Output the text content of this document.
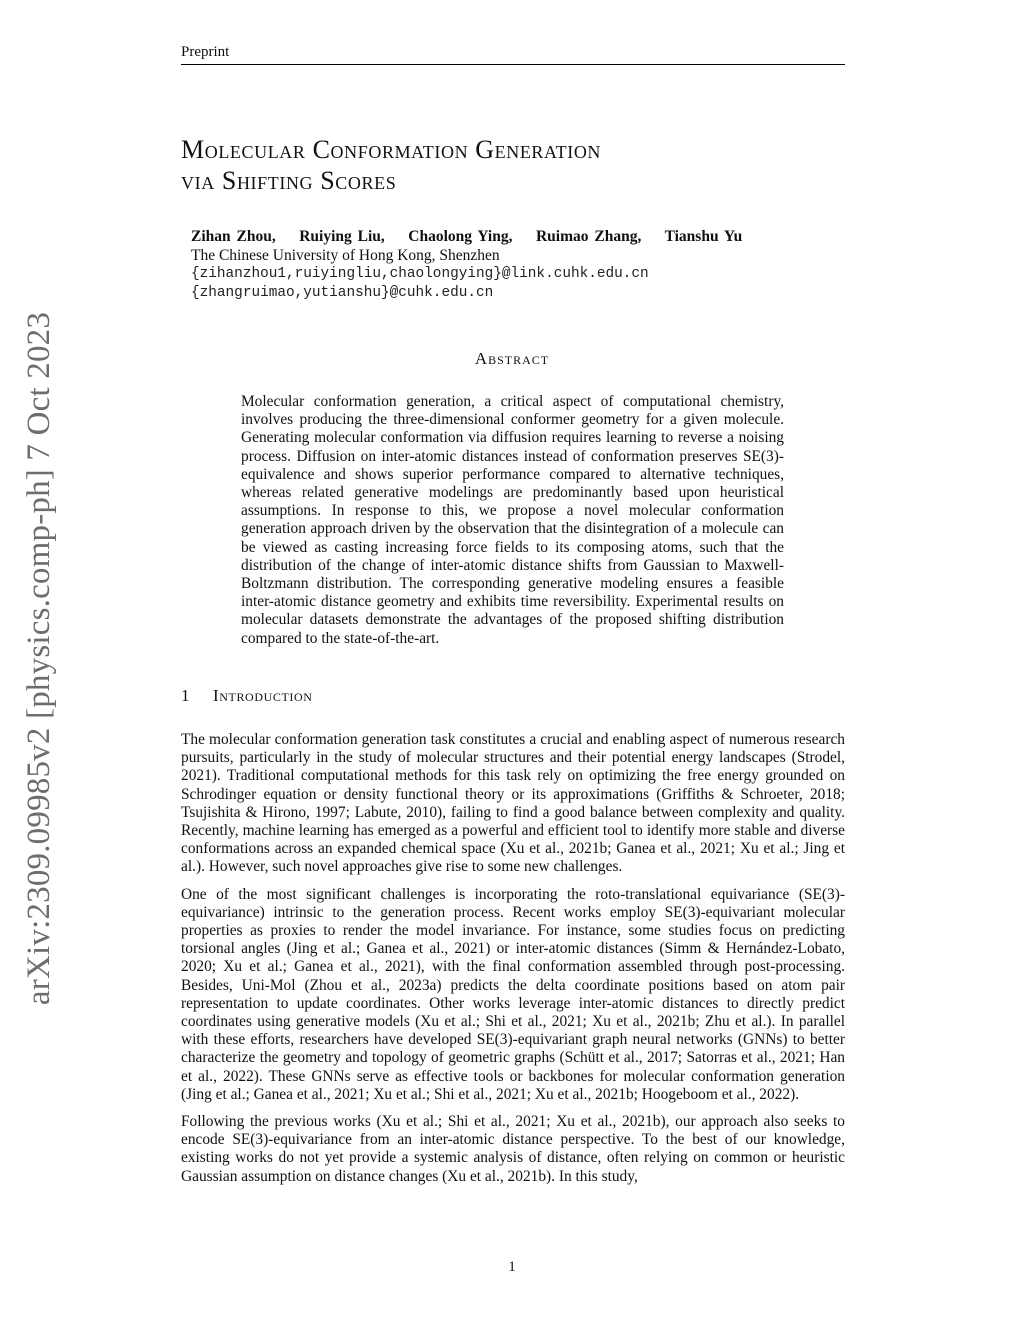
Preprint
arXiv:2309.09985v2 [physics.comp-ph] 7 Oct 2023
Molecular Conformation Generation
via Shifting Scores
Zihan Zhou,    Ruiying Liu,    Chaolong Ying,    Ruimao Zhang,    Tianshu Yu
The Chinese University of Hong Kong, Shenzhen
{zihanzhou1,ruiyingliu,chaolongying}@link.cuhk.edu.cn
{zhangruimao,yutianshu}@cuhk.edu.cn
Abstract

Molecular conformation generation, a critical aspect of computational chemistry, involves producing the three-dimensional conformer geometry for a given molecule. Generating molecular conformation via diffusion requires learning to reverse a noising process. Diffusion on inter-atomic distances instead of conformation preserves SE(3)-equivalence and shows superior performance compared to alternative techniques, whereas related generative modelings are predominantly based upon heuristical assumptions. In response to this, we propose a novel molecular conformation generation approach driven by the observation that the disintegration of a molecule can be viewed as casting increasing force fields to its composing atoms, such that the distribution of the change of inter-atomic distance shifts from Gaussian to Maxwell-Boltzmann distribution. The corresponding generative modeling ensures a feasible inter-atomic distance geometry and exhibits time reversibility. Experimental results on molecular datasets demonstrate the advantages of the proposed shifting distribution compared to the state-of-the-art.

1 Introduction

The molecular conformation generation task constitutes a crucial and enabling aspect of numerous research pursuits, particularly in the study of molecular structures and their potential energy landscapes (Strodel, 2021). Traditional computational methods for this task rely on optimizing the free energy grounded on Schrodinger equation or density functional theory or its approximations (Griffiths & Schroeter, 2018; Tsujishita & Hirono, 1997; Labute, 2010), failing to find a good balance between complexity and quality. Recently, machine learning has emerged as a powerful and efficient tool to identify more stable and diverse conformations across an expanded chemical space (Xu et al., 2021b; Ganea et al., 2021; Xu et al.; Jing et al.). However, such novel approaches give rise to some new challenges.

One of the most significant challenges is incorporating the roto-translational equivariance (SE(3)-equivariance) intrinsic to the generation process. Recent works employ SE(3)-equivariant molecular properties as proxies to render the model invariance. For instance, some studies focus on predicting torsional angles (Jing et al.; Ganea et al., 2021) or inter-atomic distances (Simm & Hernández-Lobato, 2020; Xu et al.; Ganea et al., 2021), with the final conformation assembled through post-processing. Besides, Uni-Mol (Zhou et al., 2023a) predicts the delta coordinate positions based on atom pair representation to update coordinates. Other works leverage inter-atomic distances to directly predict coordinates using generative models (Xu et al.; Shi et al., 2021; Xu et al., 2021b; Zhu et al.). In parallel with these efforts, researchers have developed SE(3)-equivariant graph neural networks (GNNs) to better characterize the geometry and topology of geometric graphs (Schütt et al., 2017; Satorras et al., 2021; Han et al., 2022). These GNNs serve as effective tools or backbones for molecular conformation generation (Jing et al.; Ganea et al., 2021; Xu et al.; Shi et al., 2021; Xu et al., 2021b; Hoogeboom et al., 2022).

Following the previous works (Xu et al.; Shi et al., 2021; Xu et al., 2021b), our approach also seeks to encode SE(3)-equivariance from an inter-atomic distance perspective. To the best of our knowledge, existing works do not yet provide a systemic analysis of distance, often relying on common or heuristic Gaussian assumption on distance changes (Xu et al., 2021b). In this study,

1
